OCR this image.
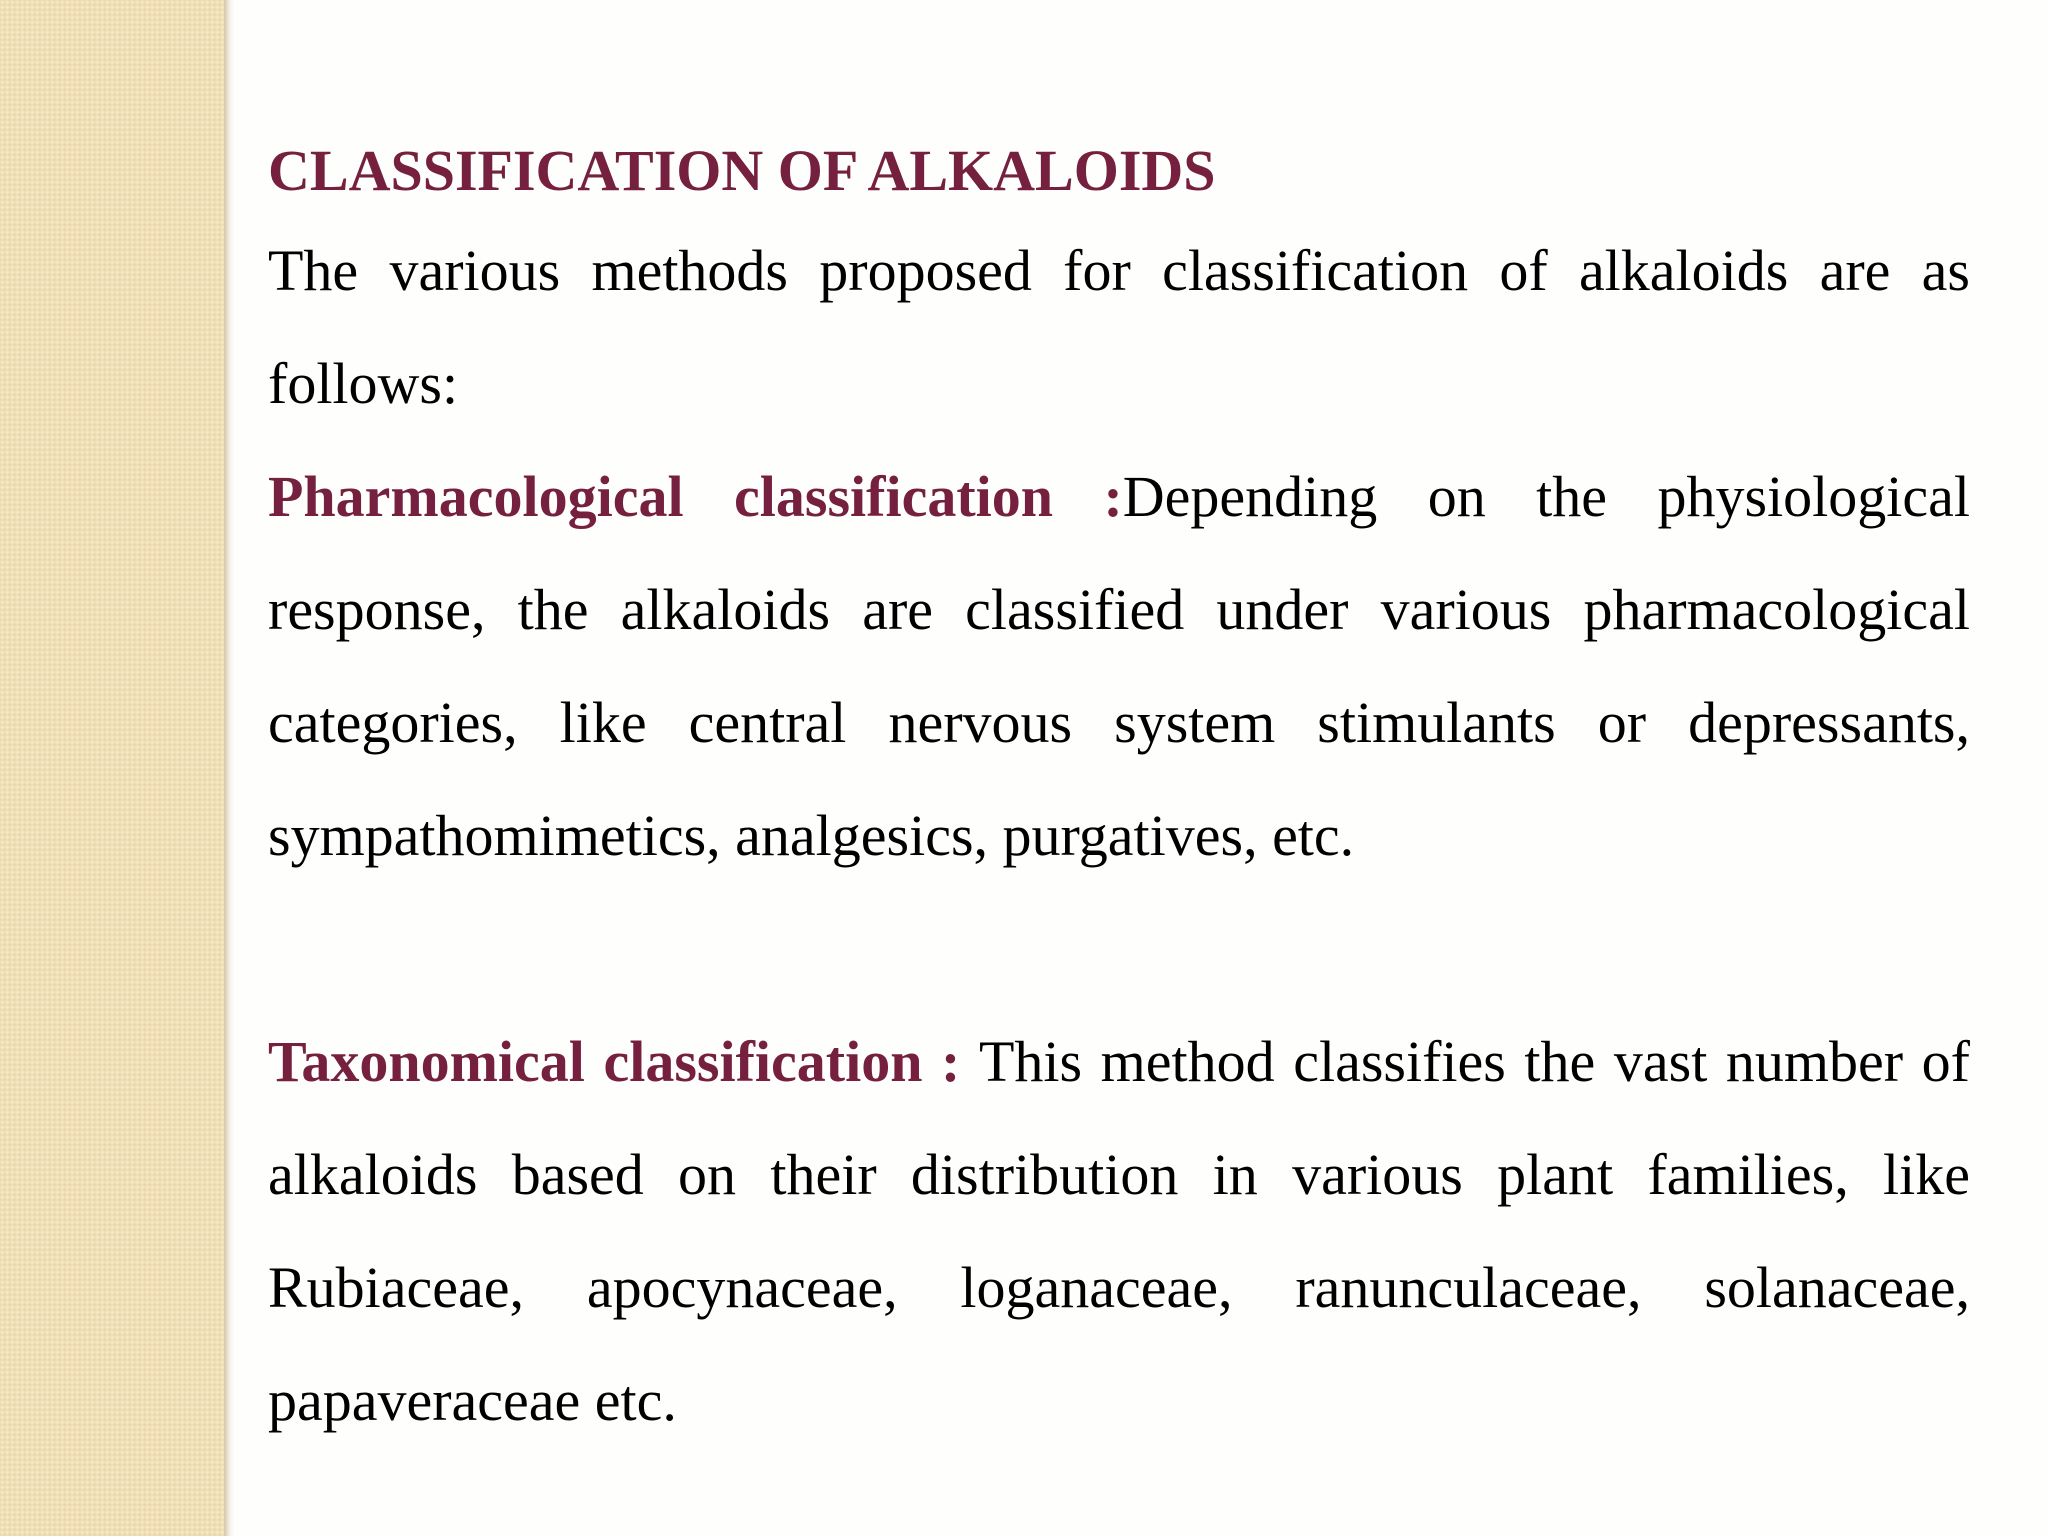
CLASSIFICATION OF ALKALOIDS

The various methods proposed for classification of alkaloids are as follows:

Pharmacological classification :Depending on the physiological response, the alkaloids are classified under various pharmacological categories, like central nervous system stimulants or depressants, sympathomimetics, analgesics, purgatives, etc.

Taxonomical classification : This method classifies the vast number of alkaloids based on their distribution in various plant families, like Rubiaceae, apocynaceae, loganaceae, ranunculaceae, solanaceae, papaveraceae etc.
